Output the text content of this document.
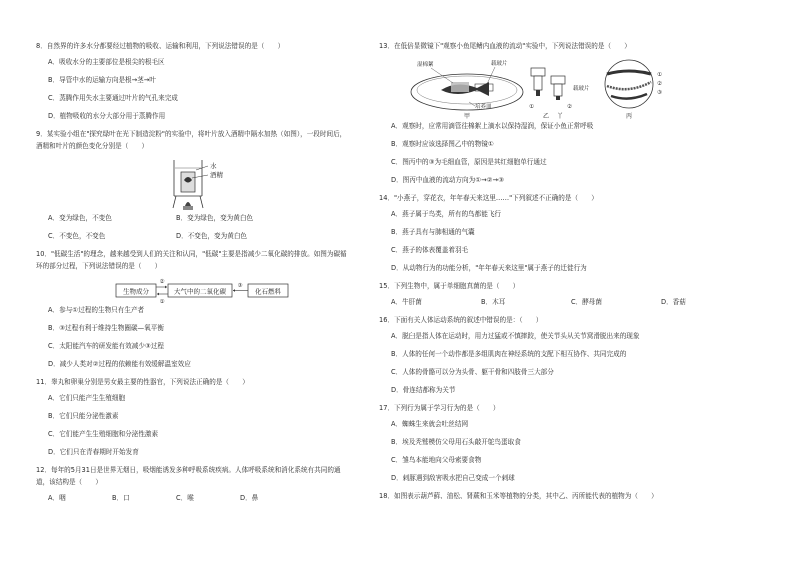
8．自然界的许多水分都要经过植物的吸收、运输和利用，下列说法错误的是（　　）
A．吸收水分的主要部位是根尖的根毛区
B．导管中水的运输方向是根→茎→叶
C．蒸腾作用失水主要通过叶片的气孔来完成
D．植物吸收的水分大部分用于蒸腾作用
9．某实验小组在"探究绿叶在光下制造淀粉"的实验中，将叶片放入酒精中隔水加热（如图），一段时间后，
酒精和叶片的颜色变化分别是（　　）
水
酒精
A．变为绿色，不变色	B．变为绿色，变为黄白色
C．不变色，不变色	D．不变色，变为黄白色
10．"低碳生活"的理念，越来越受到人们的关注和认同，"低碳"主要是指减少二氧化碳的排放。如图为碳循
环的部分过程，下列说法错误的是（　　）
生物成分	大气中的二氧化碳	化石燃料
②
①
③
A．参与①过程的生物只有生产者
B．③过程有利于维持生物圈碳—氧平衡
C．太阳能汽车的研发能有效减少③过程
D．减少人类对②过程的依赖能有效缓解温室效应
11．睾丸和卵巢分别是男女最主要的性器官，下列说法正确的是（　　）
A．它们只能产生生殖细胞
B．它们只能分泌性激素
C．它们能产生生殖细胞和分泌性激素
D．它们只在青春期时开始发育
12．每年的5月31日是世界无烟日，吸烟能诱发多种呼吸系统疾病。人体呼吸系统和消化系统有共同的通
道，该结构是（　　）
A．咽	B．口	C．喉	D．鼻
13．在低倍显微镜下"观察小鱼尾鳍内血液的流动"实验中，下列说法错误的是（　　）
湿棉絮	载玻片
培养皿
甲
①	②
乙 丫
载玻片
①
②
③
丙
A．观察时，应常用滴管往棉絮上滴水以保持湿润，保证小鱼正常呼吸
B．观察时应该选择图乙中的物镜①
C．图丙中的③为毛细血管，原因是其红细胞单行通过
D．图丙中血液的流动方向为①→②→③
14．"小燕子，穿花衣，年年春天来这里……"下列叙述不正确的是（　　）
A．燕子属于鸟类，所有的鸟都能飞行
B．燕子具有与肺相通的气囊
C．燕子的体表覆盖着羽毛
D．从动物行为的功能分析，"年年春天来这里"属于燕子的迁徙行为
15．下列生物中，属于单细胞真菌的是（　　）
A．牛肝菌	B．木耳	C．酵母菌	D．香菇
16．下面有关人体运动系统的叙述中错误的是：（　　）
A．脱臼是指人体在运动时，用力过猛或不慎摔跤，使关节头从关节窝滑脱出来的现象
B．人体的任何一个动作都是多组肌肉在神经系统的支配下相互协作、共同完成的
C．人体的骨骼可以分为头骨、躯干骨和四肢骨三大部分
D．骨连结都称为关节
17．下列行为属于学习行为的是（　　）
A．蜘蛛生来就会吐丝结网
B．埃及秃鹫模仿父母用石头敲开鸵鸟蛋取食
C．雏鸟本能地向父母索要食物
D．刺豚遇到敌害吸水把自己变成一个刺球
18．如图表示葫芦藓、油松、肾蕨和玉米等植物的分类，其中乙、丙所能代表的植物为（　　）
